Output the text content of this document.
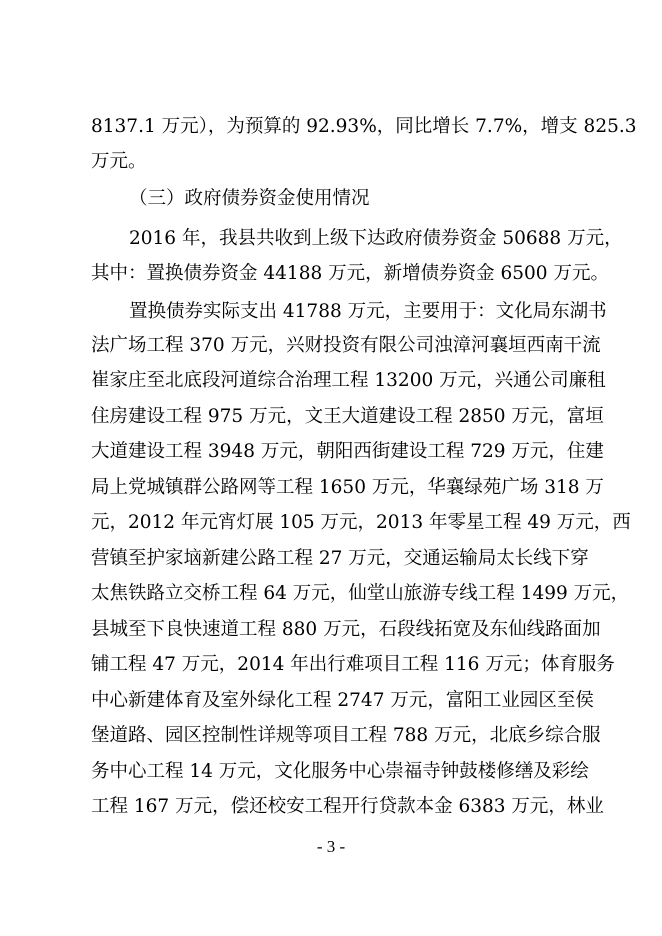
8137.1 万元），为预算的 92.93%，同比增长 7.7%，增支 825.3
万元。
（三）政府债券资金使用情况
2016 年，我县共收到上级下达政府债券资金 50688 万元，
其中：置换债券资金 44188 万元，新增债券资金 6500 万元。
置换债券实际支出 41788 万元，主要用于：文化局东湖书
法广场工程 370 万元，兴财投资有限公司浊漳河襄垣西南干流
崔家庄至北底段河道综合治理工程 13200 万元，兴通公司廉租
住房建设工程 975 万元，文王大道建设工程 2850 万元，富垣
大道建设工程 3948 万元，朝阳西街建设工程 729 万元，住建
局上党城镇群公路网等工程 1650 万元，华襄绿苑广场 318 万
元，2012 年元宵灯展 105 万元，2013 年零星工程 49 万元，西
营镇至护家垴新建公路工程 27 万元，交通运输局太长线下穿
太焦铁路立交桥工程 64 万元，仙堂山旅游专线工程 1499 万元，
县城至下良快速道工程 880 万元，石段线拓宽及东仙线路面加
铺工程 47 万元，2014 年出行难项目工程 116 万元；体育服务
中心新建体育及室外绿化工程 2747 万元，富阳工业园区至侯
堡道路、园区控制性详规等项目工程 788 万元，北底乡综合服
务中心工程 14 万元，文化服务中心崇福寺钟鼓楼修缮及彩绘
工程 167 万元，偿还校安工程开行贷款本金 6383 万元，林业
- 3 -
